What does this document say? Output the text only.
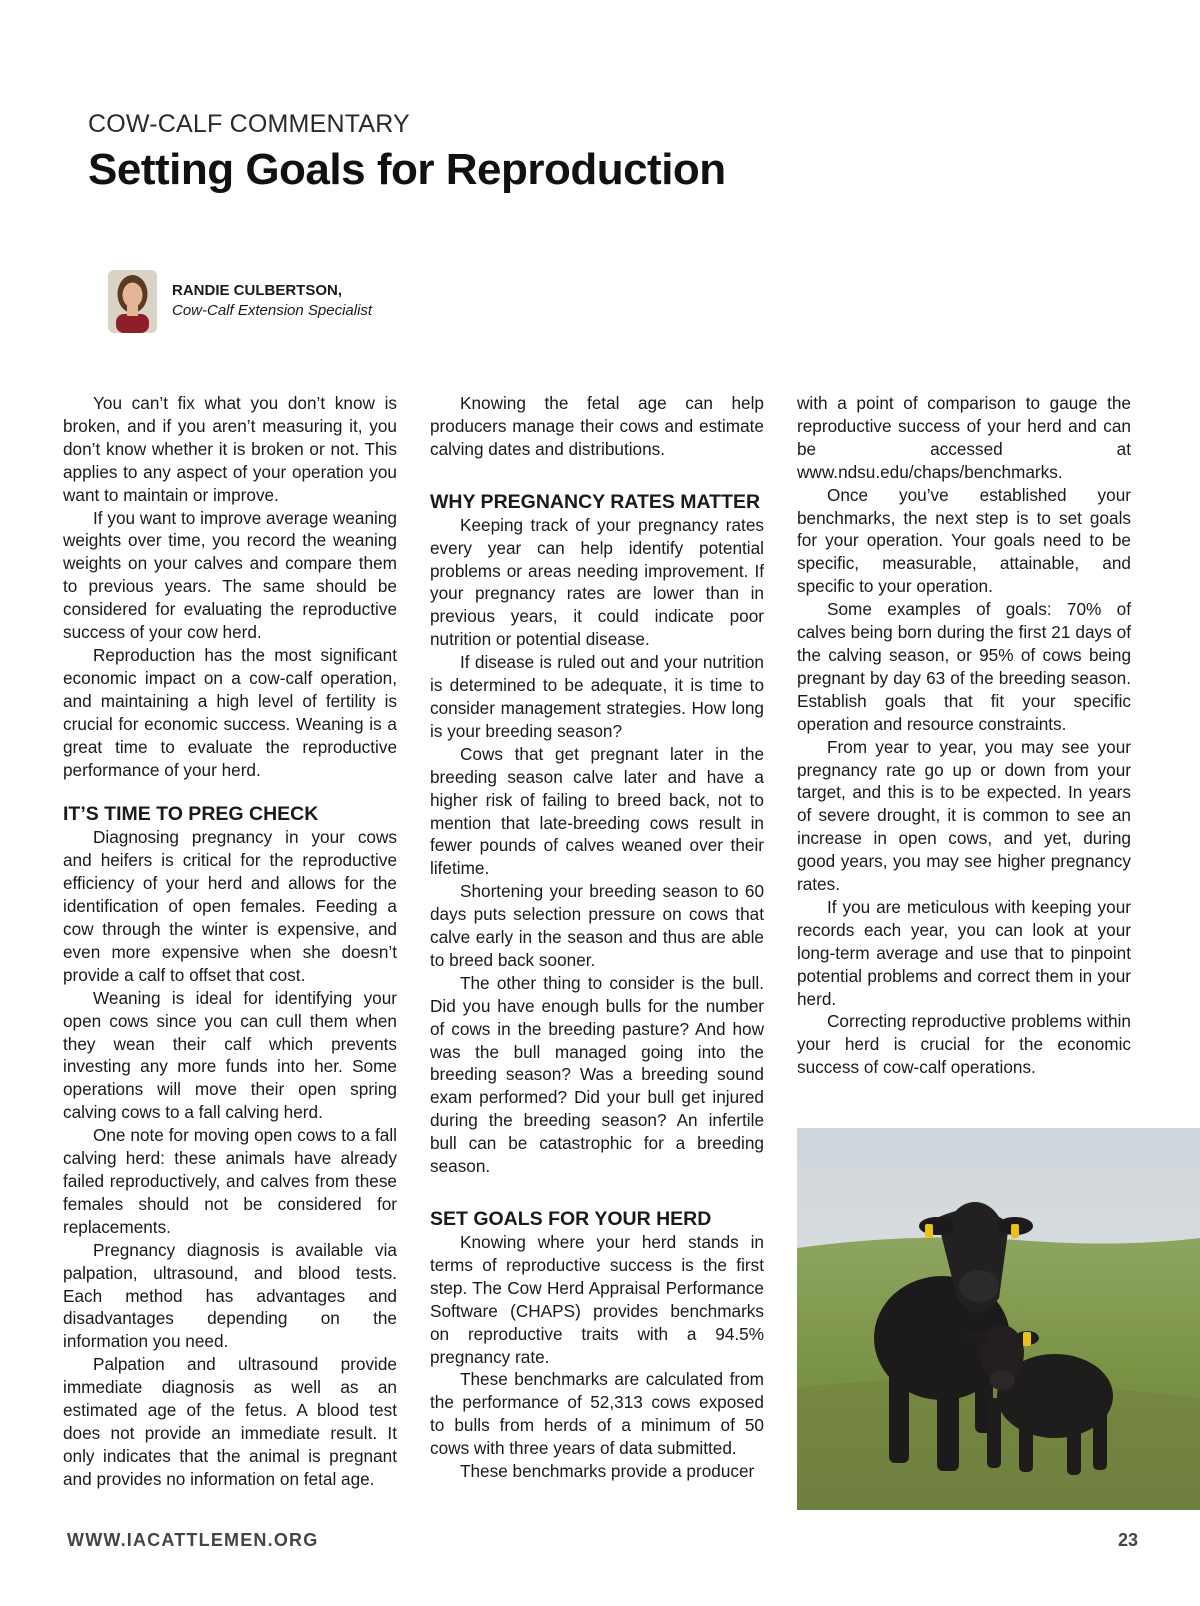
COW-CALF COMMENTARY
Setting Goals for Reproduction
RANDIE CULBERTSON,
Cow-Calf Extension Specialist

You can’t fix what you don’t know is broken, and if you aren’t measuring it, you don’t know whether it is broken or not. This applies to any aspect of your operation you want to maintain or improve.

If you want to improve average weaning weights over time, you record the weaning weights on your calves and compare them to previous years. The same should be considered for evaluating the reproductive success of your cow herd.

Reproduction has the most significant economic impact on a cow-calf operation, and maintaining a high level of fertility is crucial for economic success. Weaning is a great time to evaluate the reproductive performance of your herd.

IT’S TIME TO PREG CHECK

Diagnosing pregnancy in your cows and heifers is critical for the reproductive efficiency of your herd and allows for the identification of open females. Feeding a cow through the winter is expensive, and even more expensive when she doesn’t provide a calf to offset that cost.

Weaning is ideal for identifying your open cows since you can cull them when they wean their calf which prevents investing any more funds into her. Some operations will move their open spring calving cows to a fall calving herd.

One note for moving open cows to a fall calving herd: these animals have already failed reproductively, and calves from these females should not be considered for replacements.

Pregnancy diagnosis is available via palpation, ultrasound, and blood tests. Each method has advantages and disadvantages depending on the information you need.

Palpation and ultrasound provide immediate diagnosis as well as an estimated age of the fetus. A blood test does not provide an immediate result. It only indicates that the animal is pregnant and provides no information on fetal age.

Knowing the fetal age can help producers manage their cows and estimate calving dates and distributions.

WHY PREGNANCY RATES MATTER

Keeping track of your pregnancy rates every year can help identify potential problems or areas needing improvement. If your pregnancy rates are lower than in previous years, it could indicate poor nutrition or potential disease.

If disease is ruled out and your nutrition is determined to be adequate, it is time to consider management strategies. How long is your breeding season?

Cows that get pregnant later in the breeding season calve later and have a higher risk of failing to breed back, not to mention that late-breeding cows result in fewer pounds of calves weaned over their lifetime.

Shortening your breeding season to 60 days puts selection pressure on cows that calve early in the season and thus are able to breed back sooner.

The other thing to consider is the bull. Did you have enough bulls for the number of cows in the breeding pasture? And how was the bull managed going into the breeding season? Was a breeding sound exam performed? Did your bull get injured during the breeding season? An infertile bull can be catastrophic for a breeding season.

SET GOALS FOR YOUR HERD

Knowing where your herd stands in terms of reproductive success is the first step. The Cow Herd Appraisal Performance Software (CHAPS) provides benchmarks on reproductive traits with a 94.5% pregnancy rate.

These benchmarks are calculated from the performance of 52,313 cows exposed to bulls from herds of a minimum of 50 cows with three years of data submitted.

These benchmarks provide a producer

with a point of comparison to gauge the reproductive success of your herd and can be accessed at www.ndsu.edu/chaps/benchmarks.

Once you’ve established your benchmarks, the next step is to set goals for your operation. Your goals need to be specific, measurable, attainable, and specific to your operation.

Some examples of goals: 70% of calves being born during the first 21 days of the calving season, or 95% of cows being pregnant by day 63 of the breeding season. Establish goals that fit your specific operation and resource constraints.

From year to year, you may see your pregnancy rate go up or down from your target, and this is to be expected. In years of severe drought, it is common to see an increase in open cows, and yet, during good years, you may see higher pregnancy rates.

If you are meticulous with keeping your records each year, you can look at your long-term average and use that to pinpoint potential problems and correct them in your herd.

Correcting reproductive problems within your herd is crucial for the economic success of cow-calf operations.

WWW.IACATTLEMEN.ORG	23
